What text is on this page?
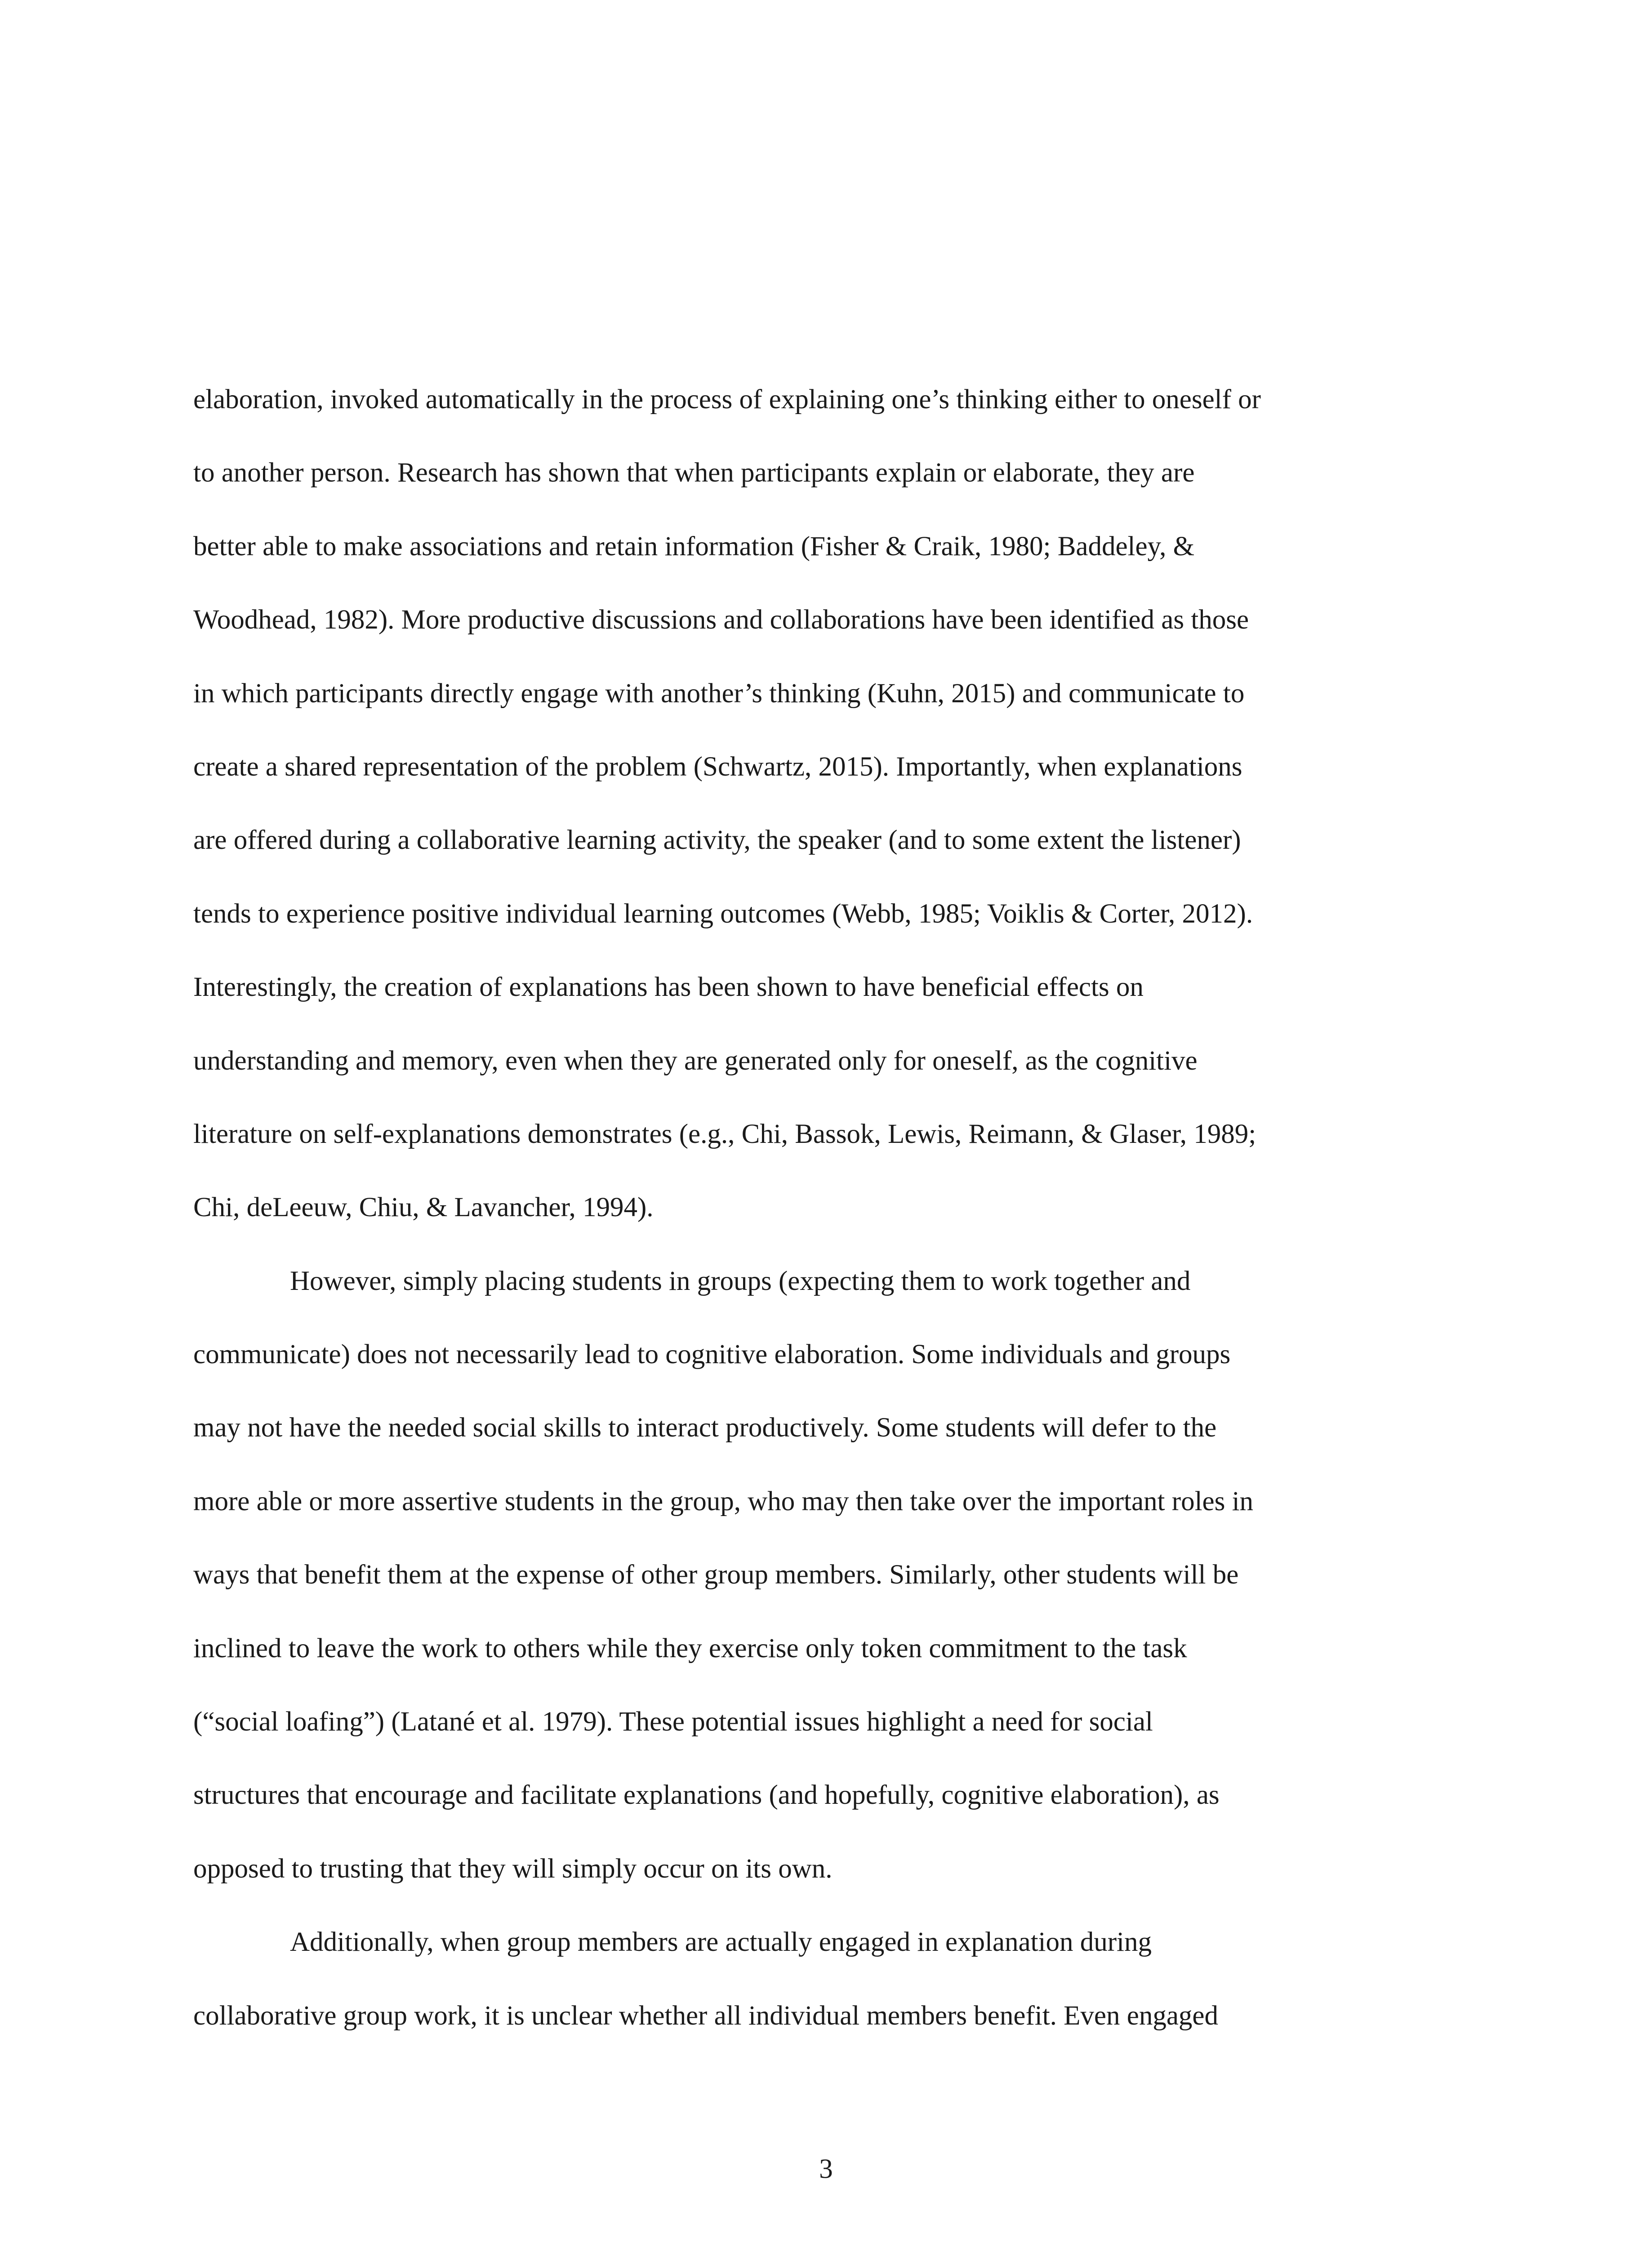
elaboration, invoked automatically in the process of explaining one’s thinking either to oneself or
to another person. Research has shown that when participants explain or elaborate, they are
better able to make associations and retain information (Fisher & Craik, 1980; Baddeley, &
Woodhead, 1982). More productive discussions and collaborations have been identified as those
in which participants directly engage with another’s thinking (Kuhn, 2015) and communicate to
create a shared representation of the problem (Schwartz, 2015). Importantly, when explanations
are offered during a collaborative learning activity, the speaker (and to some extent the listener)
tends to experience positive individual learning outcomes (Webb, 1985; Voiklis & Corter, 2012).
Interestingly, the creation of explanations has been shown to have beneficial effects on
understanding and memory, even when they are generated only for oneself, as the cognitive
literature on self-explanations demonstrates (e.g., Chi, Bassok, Lewis, Reimann, & Glaser, 1989;
Chi, deLeeuw, Chiu, & Lavancher, 1994).
However, simply placing students in groups (expecting them to work together and
communicate) does not necessarily lead to cognitive elaboration. Some individuals and groups
may not have the needed social skills to interact productively. Some students will defer to the
more able or more assertive students in the group, who may then take over the important roles in
ways that benefit them at the expense of other group members. Similarly, other students will be
inclined to leave the work to others while they exercise only token commitment to the task
(“social loafing”) (Latané et al. 1979). These potential issues highlight a need for social
structures that encourage and facilitate explanations (and hopefully, cognitive elaboration), as
opposed to trusting that they will simply occur on its own.
Additionally, when group members are actually engaged in explanation during
collaborative group work, it is unclear whether all individual members benefit. Even engaged
3
